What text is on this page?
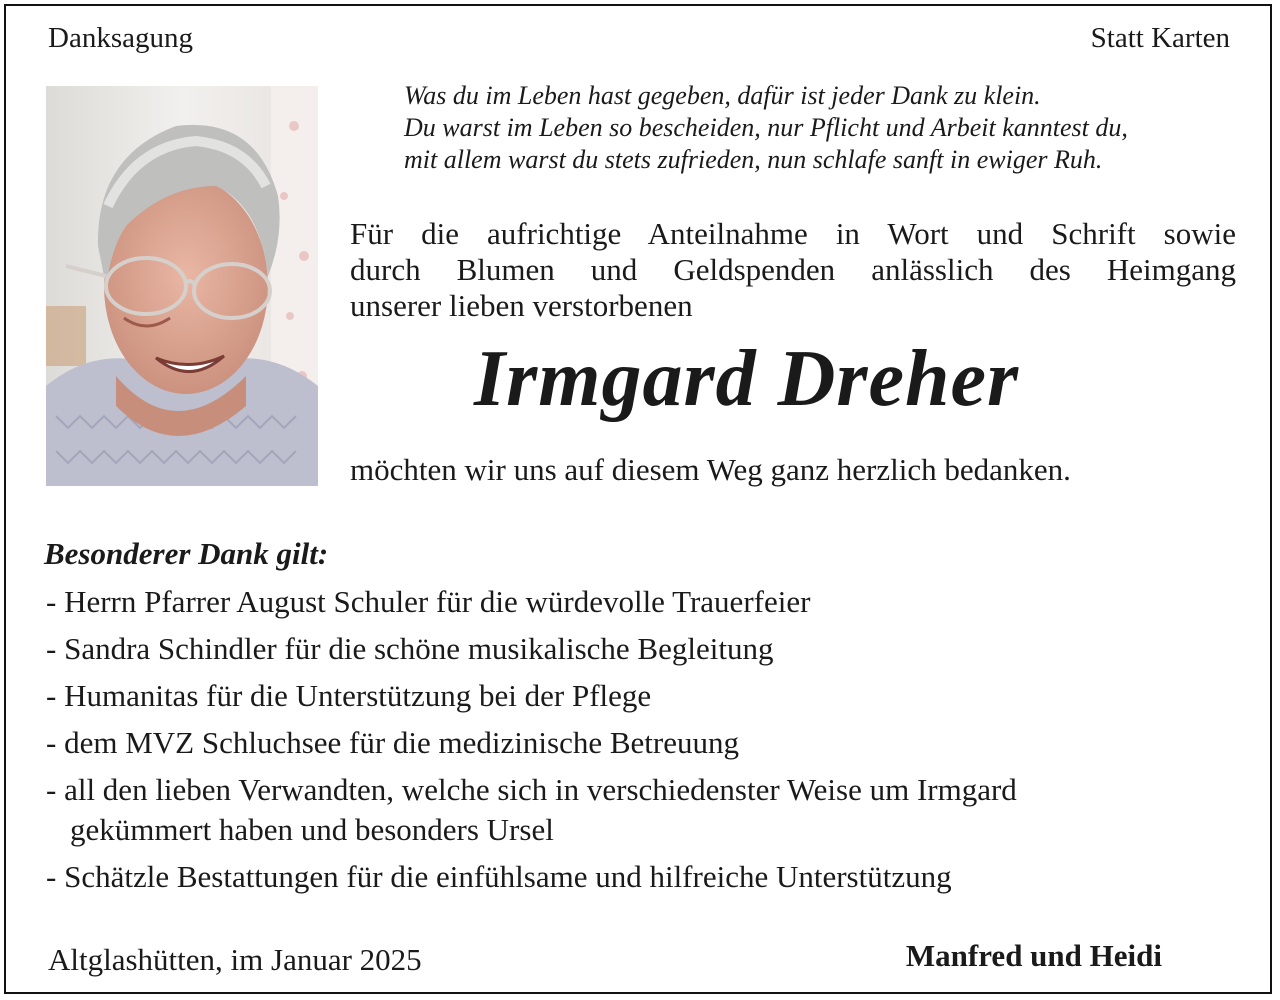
Danksagung	Statt Karten
Was du im Leben hast gegeben, dafür ist jeder Dank zu klein.
Du warst im Leben so bescheiden, nur Pflicht und Arbeit kanntest du,
mit allem warst du stets zufrieden, nun schlafe sanft in ewiger Ruh.
Für die aufrichtige Anteilnahme in Wort und Schrift sowie
durch Blumen und Geldspenden anlässlich des Heimgang
unserer lieben verstorbenen
Irmgard Dreher
möchten wir uns auf diesem Weg ganz herzlich bedanken.
Besonderer Dank gilt:
- Herrn Pfarrer August Schuler für die würdevolle Trauerfeier
- Sandra Schindler für die schöne musikalische Begleitung
- Humanitas für die Unterstützung bei der Pflege
- dem MVZ Schluchsee für die medizinische Betreuung
- all den lieben Verwandten, welche sich in verschiedenster Weise um Irmgard
gekümmert haben und besonders Ursel
- Schätzle Bestattungen für die einfühlsame und hilfreiche Unterstützung
Altglashütten, im Januar 2025	Manfred und Heidi
